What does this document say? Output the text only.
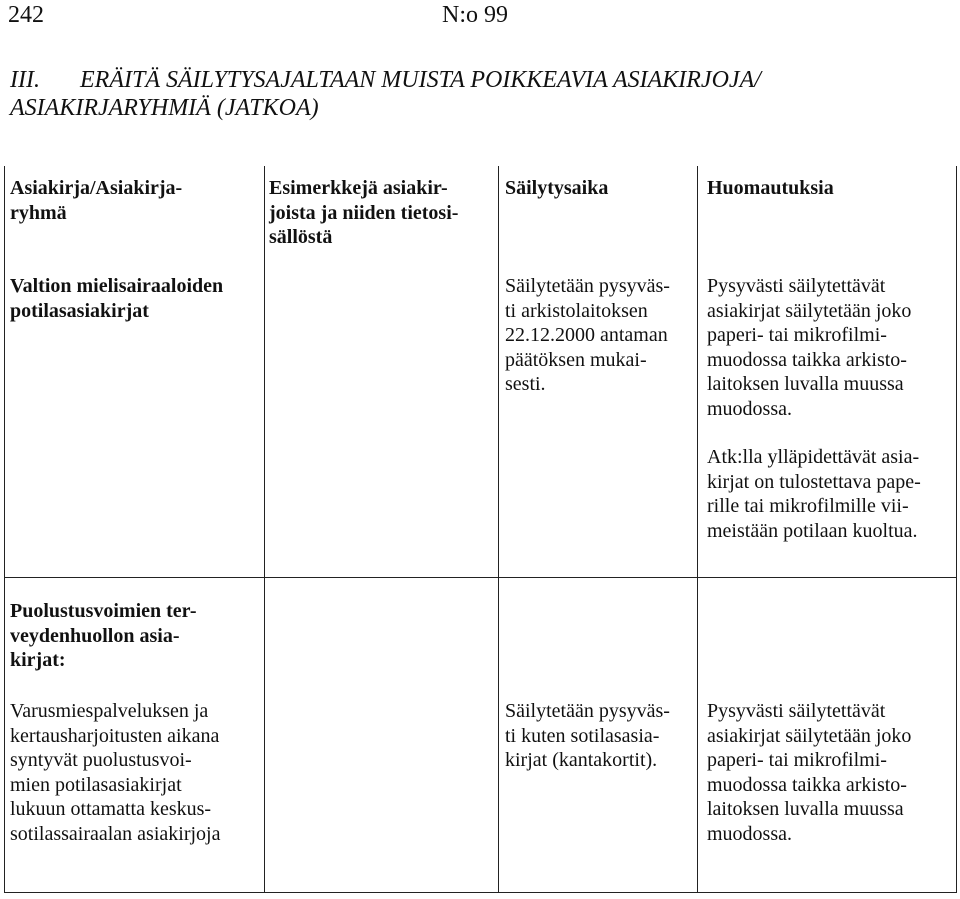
242	N:o 99
III. ERÄITÄ SÄILYTYSAJALTAAN MUISTA POIKKEAVIA ASIAKIRJOJA/
ASIAKIRJARYHMIÄ (JATKOA)

Asiakirja/Asiakirja-
ryhmä

Esimerkkejä asiakir-
joista ja niiden tietosi-
sällöstä

Säilytysaika	Huomautuksia

Valtion mielisairaaloiden
potilasasiakirjat

Säilytetään pysyväs-
ti arkistolaitoksen
22.12.2000 antaman
päätöksen mukai-
sesti.

Pysyvästi säilytettävät
asiakirjat säilytetään joko
paperi- tai mikrofilmi-
muodossa taikka arkisto-
laitoksen luvalla muussa
muodossa.

Atk:lla ylläpidettävät asia-
kirjat on tulostettava pape-
rille tai mikrofilmille vii-
meistään potilaan kuoltua.

Puolustusvoimien ter-
veydenhuollon asia-
kirjat:

Varusmiespalveluksen ja
kertausharjoitusten aikana
syntyvät puolustusvoi-
mien potilasasiakirjat
lukuun ottamatta keskus-
sotilassairaalan asiakirjoja

Säilytetään pysyväs-
ti kuten sotilasasia-
kirjat (kantakortit).

Pysyvästi säilytettävät
asiakirjat säilytetään joko
paperi- tai mikrofilmi-
muodossa taikka arkisto-
laitoksen luvalla muussa
muodossa.
